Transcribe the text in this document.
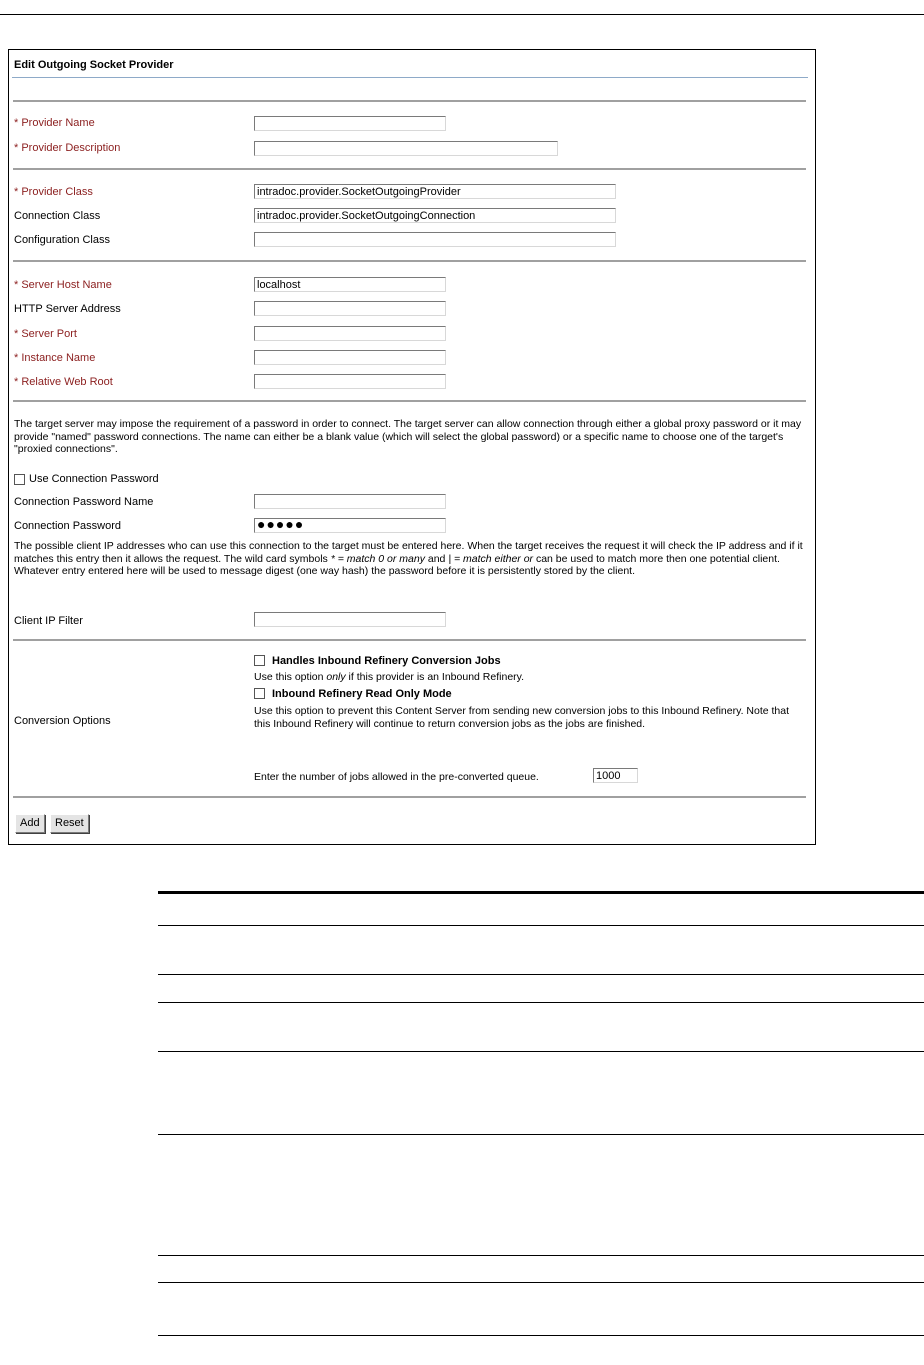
Edit Outgoing Socket Provider
* Provider Name
* Provider Description
* Provider Class
intradoc.provider.SocketOutgoingProvider
Connection Class
intradoc.provider.SocketOutgoingConnection
Configuration Class
* Server Host Name
localhost
HTTP Server Address
* Server Port
* Instance Name
* Relative Web Root
The target server may impose the requirement of a password in order to connect. The target server can allow connection through either a global proxy password or it may provide "named" password connections. The name can either be a blank value (which will select the global password) or a specific name to choose one of the target's "proxied connections".
Use Connection Password
Connection Password Name
Connection Password	●●●●●
The possible client IP addresses who can use this connection to the target must be entered here. When the target receives the request it will check the IP address and if it matches this entry then it allows the request. The wild card symbols * = match 0 or many and | = match either or can be used to match more then one potential client. Whatever entry entered here will be used to message digest (one way hash) the password before it is persistently stored by the client.
Client IP Filter
Conversion Options
Handles Inbound Refinery Conversion Jobs
Use this option only if this provider is an Inbound Refinery.
Inbound Refinery Read Only Mode
Use this option to prevent this Content Server from sending new conversion jobs to this Inbound Refinery. Note that this Inbound Refinery will continue to return conversion jobs as the jobs are finished.
Enter the number of jobs allowed in the pre-converted queue.
1000
Add	Reset
